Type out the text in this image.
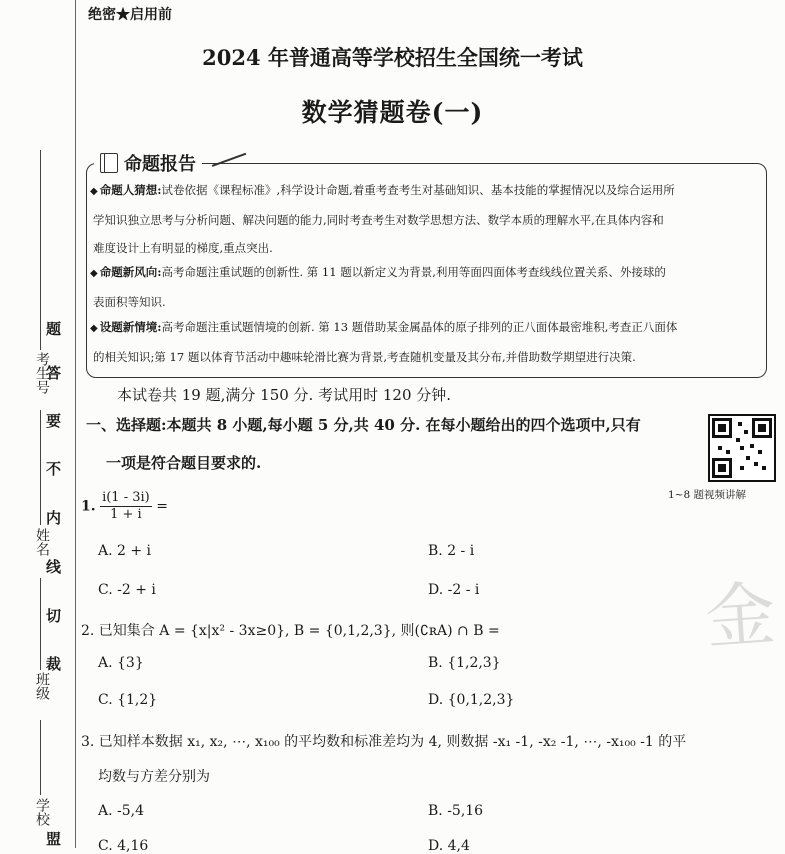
考生号
姓名
班级
学校
题
答
要
不
内
线
切
裁
盟
绝密★启用前
2024 年普通高等学校招生全国统一考试
数学猜题卷(一)
命题报告
◆ 命题人猜想:试卷依据《课程标准》,科学设计命题,着重考查考生对基础知识、基本技能的掌握情况以及综合运用所
学知识独立思考与分析问题、解决问题的能力,同时考查考生对数学思想方法、数学本质的理解水平,在具体内容和
难度设计上有明显的梯度,重点突出.
◆ 命题新风向:高考命题注重试题的创新性. 第 11 题以新定义为背景,利用等面四面体考查线线位置关系、外接球的
表面积等知识.
◆ 设题新情境:高考命题注重试题情境的创新. 第 13 题借助某金属晶体的原子排列的正八面体最密堆积,考查正八面体
的相关知识;第 17 题以体育节活动中趣味轮滑比赛为背景,考查随机变量及其分布,并借助数学期望进行决策.
本试卷共 19 题,满分 150 分. 考试用时 120 分钟.
一、选择题:本题共 8 小题,每小题 5 分,共 40 分. 在每小题给出的四个选项中,只有
一项是符合题目要求的.
1~8 题视频讲解
金
1. $\frac{i(1 - 3i)}{1 + i}$ =
A. 2 + i	B. 2 - i
C. -2 + i	D. -2 - i
2. 已知集合 A = {x|x² - 3x≥0}, B = {0,1,2,3}, 则(∁ʀA) ∩ B =
A. {3}	B. {1,2,3}
C. {1,2}	D. {0,1,2,3}
3. 已知样本数据 x₁, x₂, ⋯, x₁₀₀ 的平均数和标准差均为 4, 则数据 -x₁ -1, -x₂ -1, ⋯, -x₁₀₀ -1 的平
均数与方差分别为
A. -5,4	B. -5,16
C. 4,16	D. 4,4
